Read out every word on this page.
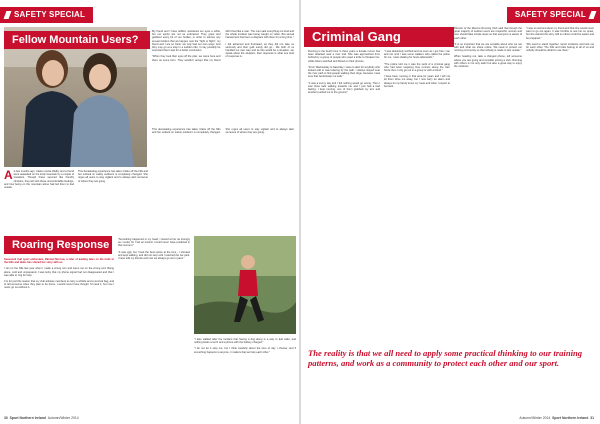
SAFETY SPECIAL
Fellow Mountain Users?

My friend and I have skiffed, wandered our eyes a while, but our spirits are not as embraced. They greet and grabbed every bit of our bodies, in order to silence any sexual incident that we happen next the "fight or flight", my friend and I are so frank: we only had our own ways. And they may go at a stop in a sudden ride; it may possibly be surprised that it was for a better conclusion.

"When they took their eyes off the plan, we came here and there as some form. They wouldn't accept that my friend didn't feel like a man. The men said everything out loud and the whole incident was being caught on video. But sexual harassment has been a disgrace with them for a long time."

I felt ashamed and frustrated, as they did not take us seriously and their guilt surely did go... We both of us handled our own way and as this would be a situation, we speak about the situation, their response is what one kind of response is.

A A few months ago, Claire Louise Welby and a friend were assaulted on the local mountain by a couple of travellers. Though these seemed like friendly climbers, they left with these uncomfortable feelings, and how being on the mountain alone had led them to feel unsafe.

This devastating experience has taken Claire off the hills and her outlook on safety outdoors is completely changed. She urges all users to stay vigilant and to always alert someone of where they are going.

This devastating experience has taken Claire off the hills and her outlook on safety outdoors is completely changed. She urges all users to stay vigilant and to always alert someone of where they are going.

Roaring Response

Seasoned trail sport enthusiast, Rimmel Morrow, a rider of leading tales on the trails in the hills and dales has shared her story with us.

I ran on the hills last year when I made a wrong turn and came out on the wrong end. Being alone, cold and unprepared, I was lucky that my phone signal had not disappeared and that I was able to ring for help.

It is for just this reason that my club advises members to carry a whistle and a survival bag, and to tell someone when they plan to be home. I would never have thought I'd need it, but now I never go out without it.

"Something happened in my head, I stared at her as strongly as I could, for I felt an instinct I could never have predicted in that moment."

"It was ugly, but I took the best option at the time - I shouted and kept walking, and did not stop until I reached the car park. I have told my friends and now we always go out in pairs."

"I also walked after the incident that having a dog along is a way to feel safer, and nothing beats a torch and a phone with the battery charged."

"I do not let it stop me, but I think carefully about the time of day I choose, and if something happens to anyone, it matters that we help each other."

30 Sport Northern Ireland Autumn/Winter 2014
SAFETY SPECIAL
Criminal Gang

Running is the fourth time in three years a female runner has been attacked near a river trail. She was approached from behind by a group of people who used a knife to threaten her, while others watched and filmed on their phones.

"From Wednesday to Saturday, I was on alert for anybody who looked odd or was loitering by the path. I always stayed near the river path to find people walking their dogs, because I was sure that would keep me safe."

"It was a sunny day and I felt nothing would go wrong. Then I saw three lads walking towards me and I just had a bad feeling. I kept running, one of them grabbed my arm and another pushed me to the ground."

"I was absolutely terrified and as soon as I got free I ran and ran until I saw some walkers who called the police for me. I was shaking for hours afterwards."

"The police told me it was the work of a criminal gang who had been targeting lone runners along the trail. Since then I only go out in a group or with a friend."

I have been running in that area for years and I will not let them drive me away, but I now carry an alarm and always let my family know my route and when I expect to be back.

Director of the Mourne Running Club said that though the great majority of outdoor users are respectful, women and men should take simple steps so that everyone is aware of each other.

"It is so important that we are sensible about who we are with and what we share online. We need to protect our running community so that nobody is made to feel unsafe."

When heading out, take a charged phone, tell someone where you are going and consider joining a club. Running with others is not only safer but also a great way to enjoy the outdoors.

"I was so worried about my friend and that she would never want to go out again. It was horrible to see her so upset, but she wanted the story told so others could be aware and be prepared."

"We need to stand together, report incidents and look out for each other. The hills and trails belong to all of us and nobody should be afraid to use them."

The reality is that we all need to apply some practical thinking to our training patterns, and work as a community to protect each other and our sport.
Autumn/Winter 2014 Sport Northern Ireland 31
